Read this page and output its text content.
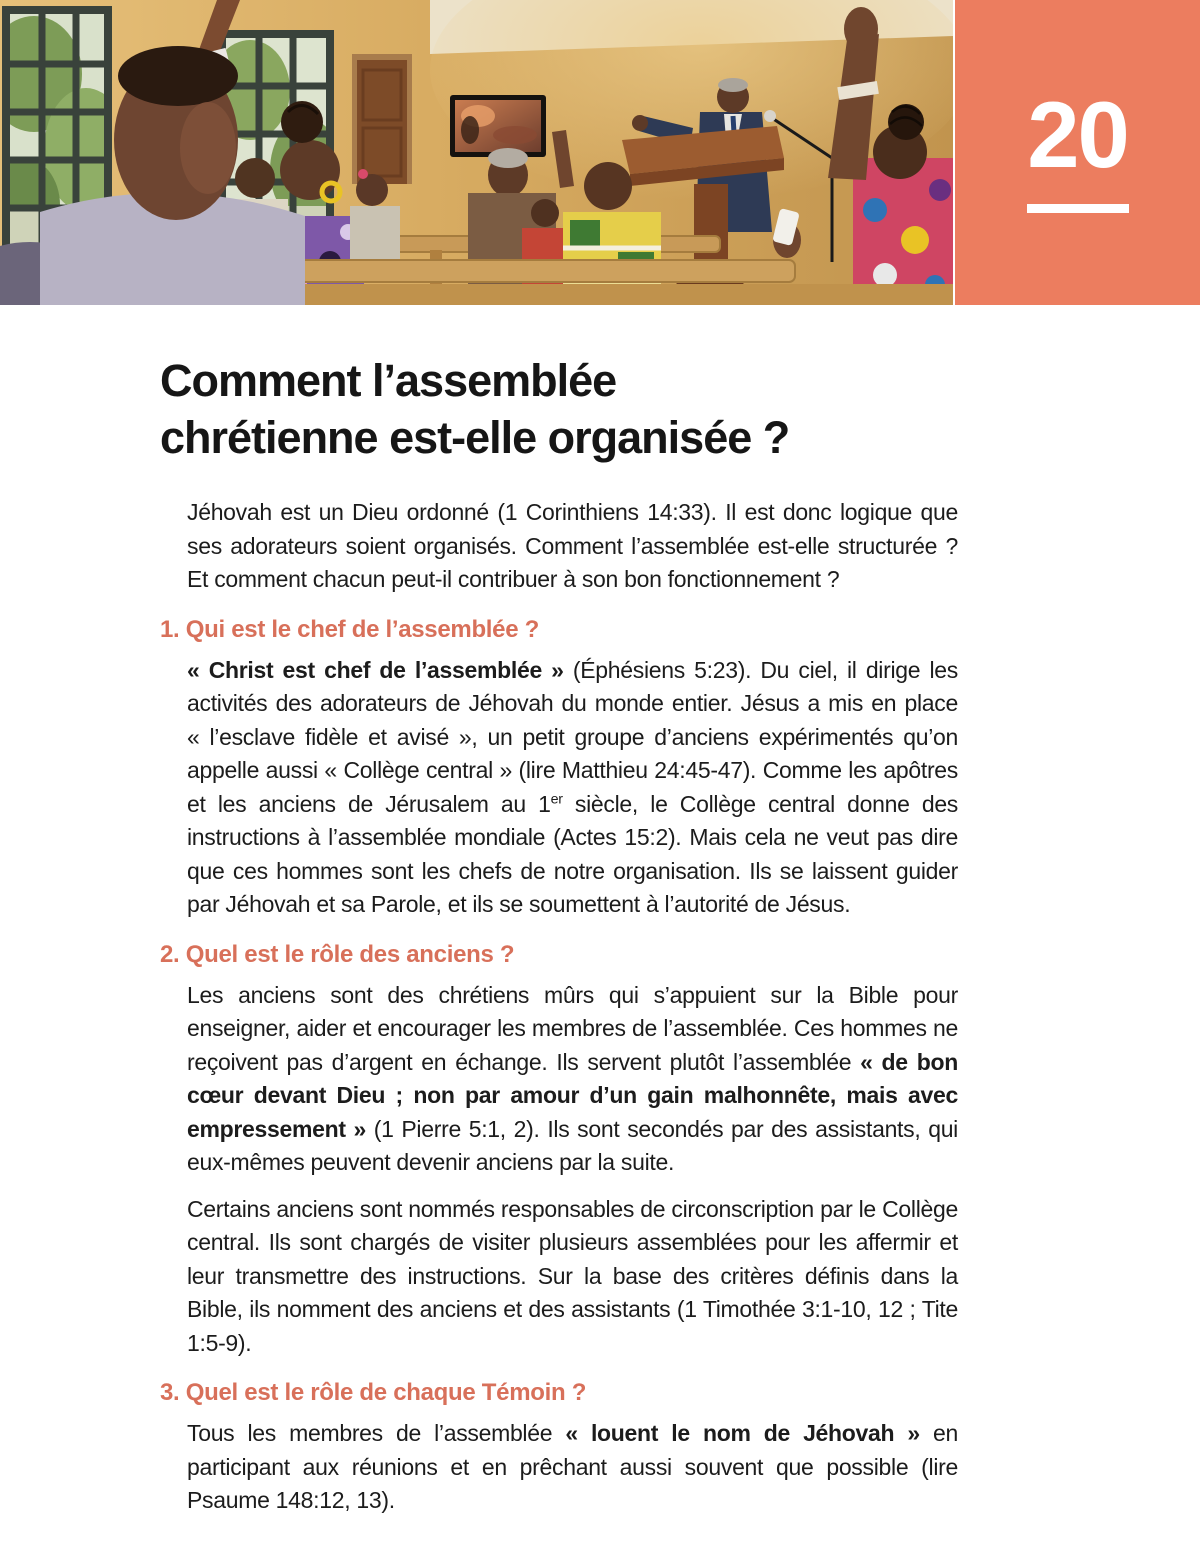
20
Comment l’assemblée
chrétienne est-elle organisée ?

Jéhovah est un Dieu ordonné (1 Corinthiens 14:33). Il est donc logique que ses adorateurs soient organisés. Comment l’assemblée est-elle structurée ? Et comment chacun peut-il contribuer à son bon fonctionnement ?

1. Qui est le chef de l’assemblée ?

« Christ est chef de l’assemblée » (Éphésiens 5:23). Du ciel, il dirige les activités des adorateurs de Jéhovah du monde entier. Jésus a mis en place « l’esclave fidèle et avisé », un petit groupe d’anciens expérimentés qu’on appelle aussi « Collège central » (lire Matthieu 24:45-47). Comme les apôtres et les anciens de Jérusalem au 1er siècle, le Collège central donne des instructions à l’assemblée mondiale (Actes 15:2). Mais cela ne veut pas dire que ces hommes sont les chefs de notre organisation. Ils se laissent guider par Jéhovah et sa Parole, et ils se soumettent à l’autorité de Jésus.

2. Quel est le rôle des anciens ?

Les anciens sont des chrétiens mûrs qui s’appuient sur la Bible pour enseigner, aider et encourager les membres de l’assemblée. Ces hommes ne reçoivent pas d’argent en échange. Ils servent plutôt l’assemblée « de bon cœur devant Dieu ; non par amour d’un gain malhonnête, mais avec empressement » (1 Pierre 5:1, 2). Ils sont secondés par des assistants, qui eux-mêmes peuvent devenir anciens par la suite.

Certains anciens sont nommés responsables de circonscription par le Collège central. Ils sont chargés de visiter plusieurs assemblées pour les affermir et leur transmettre des instructions. Sur la base des critères définis dans la Bible, ils nomment des anciens et des assistants (1 Timothée 3:1-10, 12 ; Tite 1:5-9).

3. Quel est le rôle de chaque Témoin ?

Tous les membres de l’assemblée « louent le nom de Jéhovah » en participant aux réunions et en prêchant aussi souvent que possible (lire Psaume 148:12, 13).
